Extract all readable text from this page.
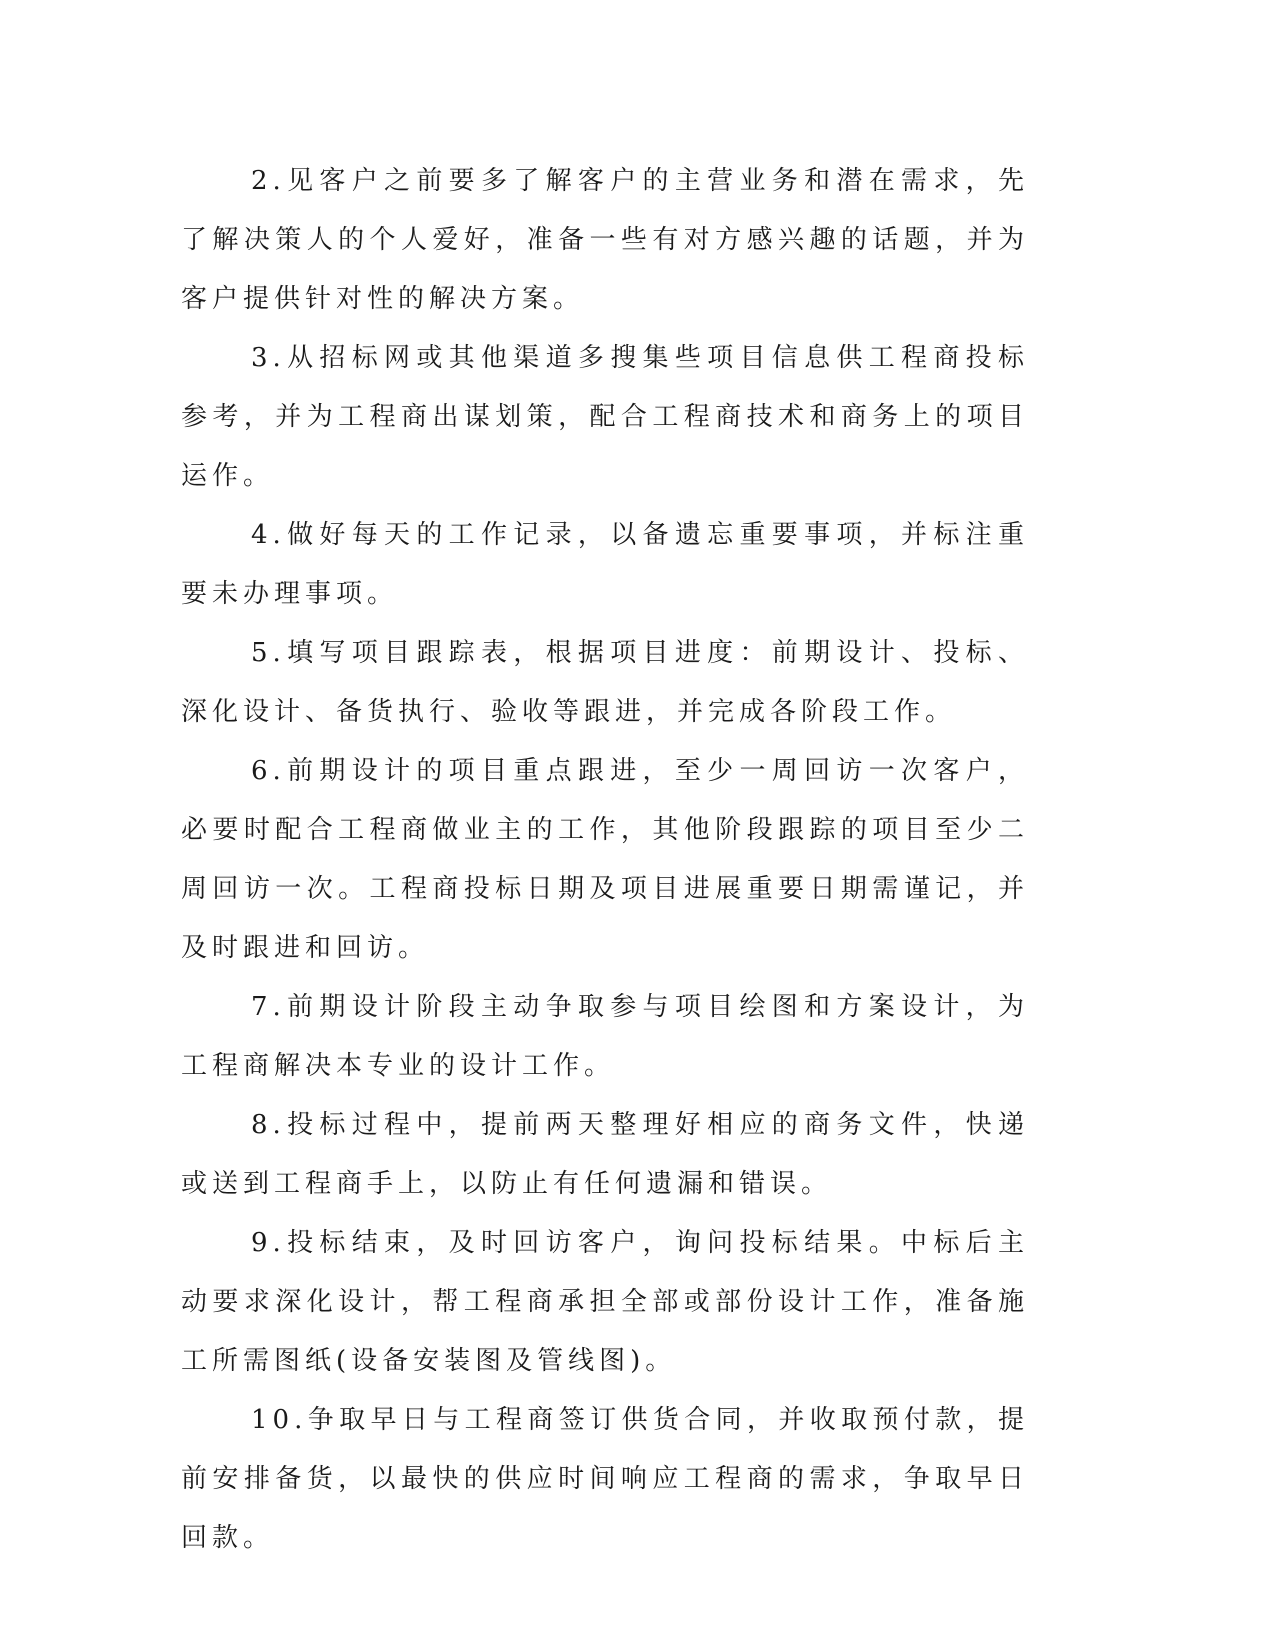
2.见客户之前要多了解客户的主营业务和潜在需求，先了解决策人的个人爱好，准备一些有对方感兴趣的话题，并为客户提供针对性的解决方案。

3.从招标网或其他渠道多搜集些项目信息供工程商投标参考，并为工程商出谋划策，配合工程商技术和商务上的项目运作。

4.做好每天的工作记录，以备遗忘重要事项，并标注重要未办理事项。

5.填写项目跟踪表，根据项目进度：前期设计、投标、深化设计、备货执行、验收等跟进，并完成各阶段工作。

6.前期设计的项目重点跟进，至少一周回访一次客户，必要时配合工程商做业主的工作，其他阶段跟踪的项目至少二周回访一次。工程商投标日期及项目进展重要日期需谨记，并及时跟进和回访。

7.前期设计阶段主动争取参与项目绘图和方案设计，为工程商解决本专业的设计工作。

8.投标过程中，提前两天整理好相应的商务文件，快递或送到工程商手上，以防止有任何遗漏和错误。

9.投标结束，及时回访客户，询问投标结果。中标后主动要求深化设计，帮工程商承担全部或部份设计工作，准备施工所需图纸(设备安装图及管线图)。

10.争取早日与工程商签订供货合同，并收取预付款，提前安排备货，以最快的供应时间响应工程商的需求，争取早日回款。
